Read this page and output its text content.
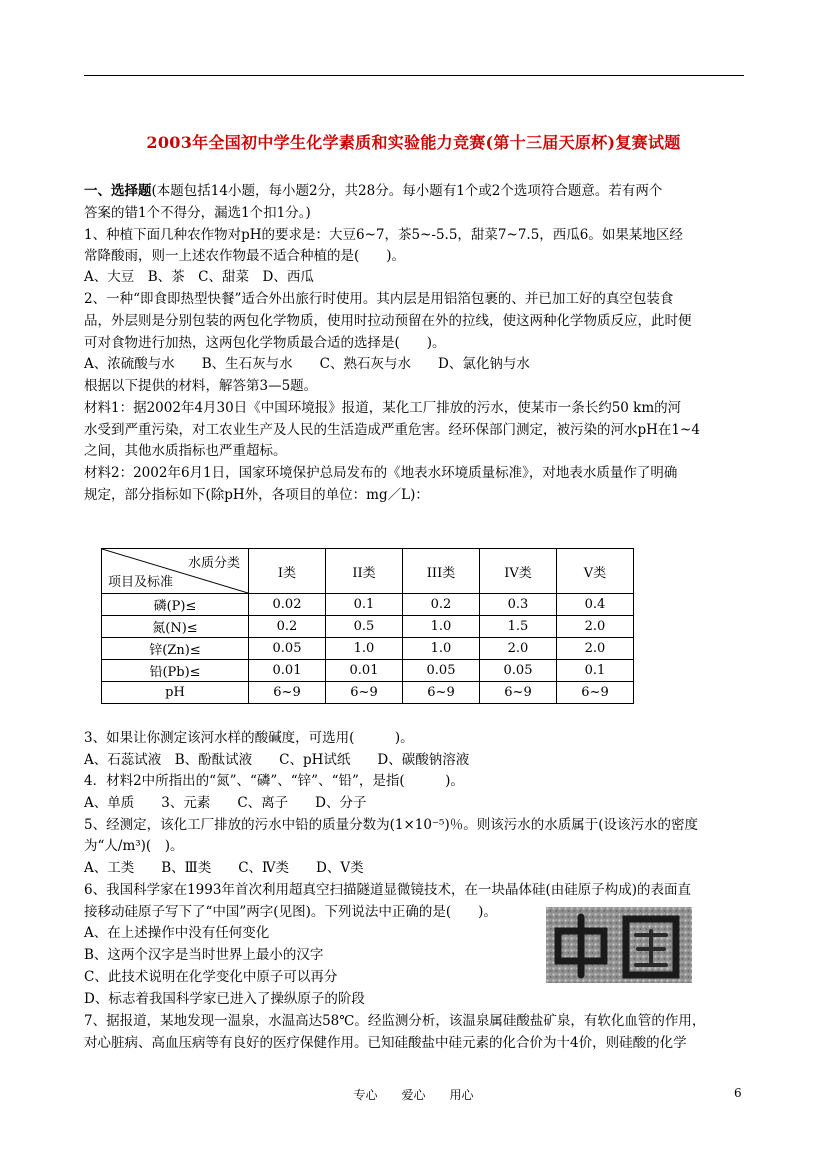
2003年全国初中学生化学素质和实验能力竞赛(第十三届天原杯)复赛试题
一、选择题(本题包括14小题，每小题2分，共28分。每小题有1个或2个选项符合题意。若有两个
答案的错1个不得分，漏选1个扣1分。)
1、种植下面几种农作物对pH的要求是：大豆6~7，茶5~-5.5，甜菜7~7.5，西瓜6。如果某地区经
常降酸雨，则一上述农作物最不适合种植的是(　　)。
A、大豆　B、茶　C、甜菜　D、西瓜
2、一种“即食即热型快餐”适合外出旅行时使用。其内层是用铝箔包裹的、并已加工好的真空包装食
品，外层则是分别包装的两包化学物质，使用时拉动预留在外的拉线，使这两种化学物质反应，此时便
可对食物进行加热，这两包化学物质最合适的选择是(　　)。
A、浓硫酸与水　　B、生石灰与水　　C、熟石灰与水　　D、氯化钠与水
根据以下提供的材料，解答第3—5题。
材料1：据2002年4月30日《中国环境报》报道，某化工厂排放的污水，使某市一条长约50 km的河
水受到严重污染，对工农业生产及人民的生活造成严重危害。经环保部门测定，被污染的河水pH在1~4
之间，其他水质指标也严重超标。
材料2：2002年6月1日，国家环境保护总局发布的《地表水环境质量标准》，对地表水质量作了明确
规定，部分指标如下(除pH外，各项目的单位：mg／L)：
水质分类
项目及标准	I类	II类	III类	IV类	V类
磷(P)≤	0.02	0.1	0.2	0.3	0.4
氮(N)≤	0.2	0.5	1.0	1.5	2.0
锌(Zn)≤	0.05	1.0	1.0	2.0	2.0
铅(Pb)≤	0.01	0.01	0.05	0.05	0.1
pH	6~9	6~9	6~9	6~9	6~9
3、如果让你测定该河水样的酸碱度，可选用(　　　)。
A、石蕊试液　B、酚酞试液　　C、pH试纸　　D、碳酸钠溶液
4．材料2中所指出的“氮”、“磷”、“锌”、“铅”，是指(　　　)。
A、单质　　3、元素　　C、离子　　D、分子
5、经测定，该化工厂排放的污水中铅的质量分数为(1×10⁻⁵)％。则该污水的水质属于(设该污水的密度
为“人/m³)(　)。
A、工类　　B、Ⅲ类　　C、Ⅳ类　　D、V类
6、我国科学家在1993年首次利用超真空扫描隧道显微镜技术，在一块晶体硅(由硅原子构成)的表面直
接移动硅原子写下了“中国”两字(见图)。下列说法中正确的是(　　)。
A、在上述操作中没有任何变化
B、这两个汉字是当时世界上最小的汉字
C、此技术说明在化学变化中原子可以再分
D、标志着我国科学家已进入了操纵原子的阶段
7、据报道，某地发现一温泉，水温高达58℃。经监测分析，该温泉属硅酸盐矿泉，有软化血管的作用，
对心脏病、高血压病等有良好的医疗保健作用。已知硅酸盐中硅元素的化合价为十4价，则硅酸的化学
专心　　爱心　　用心	6
